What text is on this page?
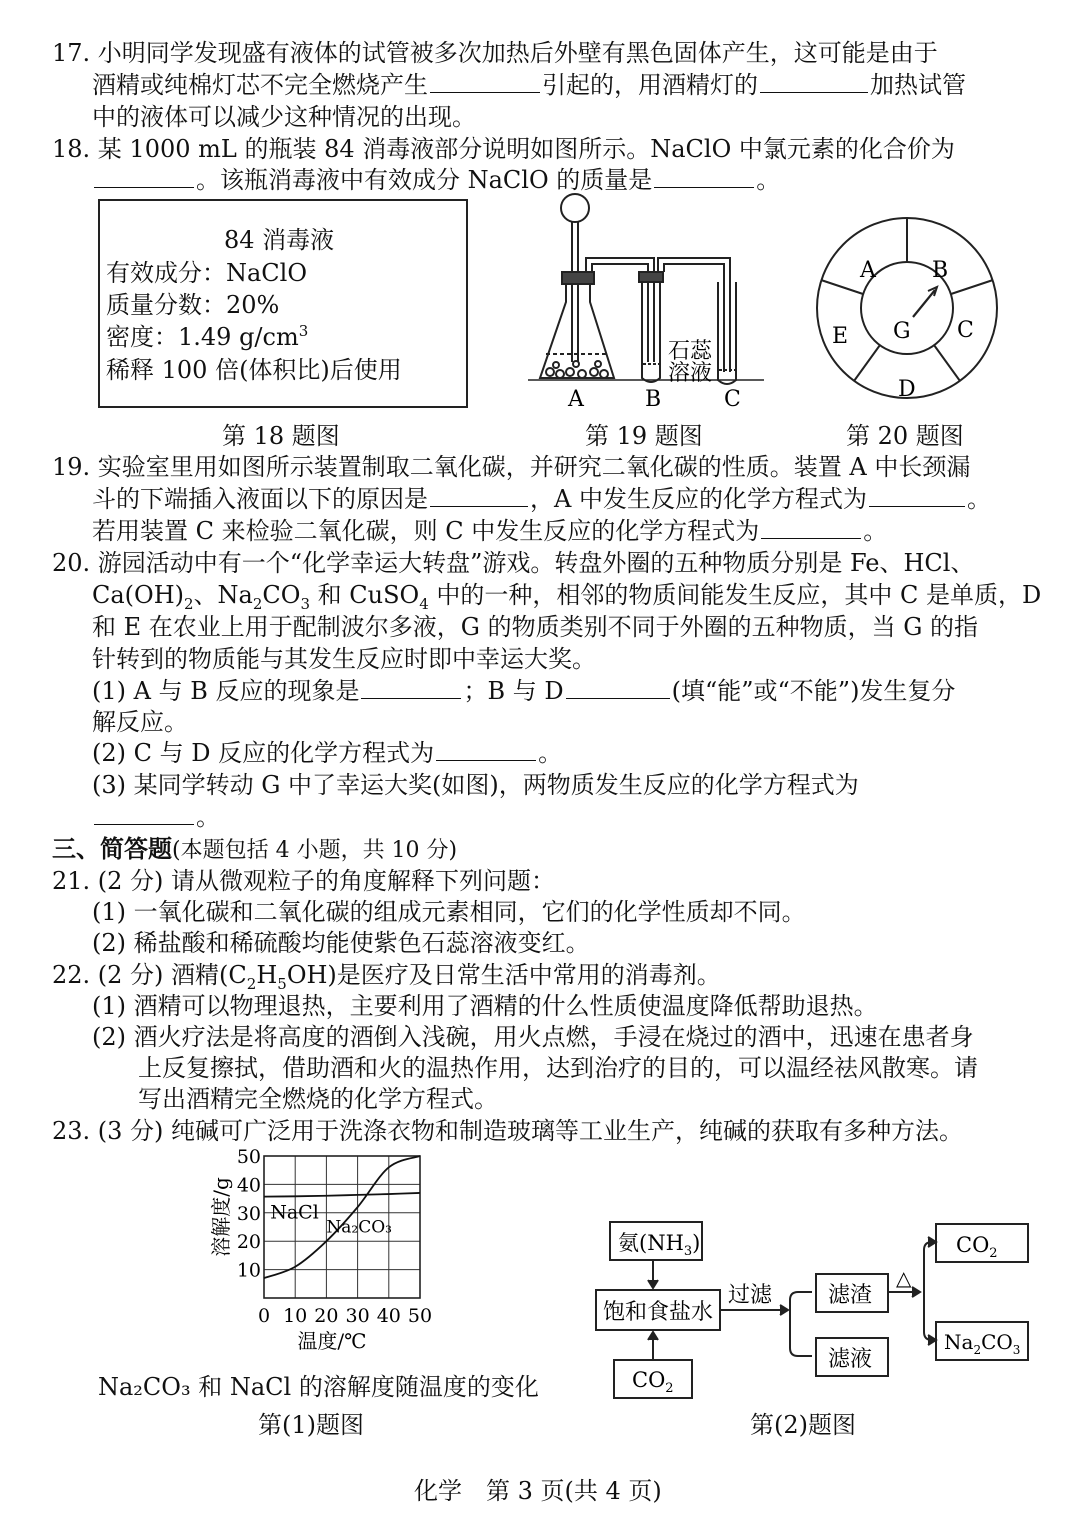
17. 小明同学发现盛有液体的试管被多次加热后外壁有黑色固体产生，这可能是由于
酒精或纯棉灯芯不完全燃烧产生	引起的，用酒精灯的	加热试管
中的液体可以减少这种情况的出现。
18. 某 1000 mL 的瓶装 84 消毒液部分说明如图所示。NaClO 中氯元素的化合价为
。该瓶消毒液中有效成分 NaClO 的质量是	。
84 消毒液
有效成分：NaClO
质量分数：20%
密度：1.49 $g/cm^3$
稀释 100 倍(体积比)后使用
第 18 题图
石蕊
溶液
A	B	C
第 19 题图
A	B
C
D
E G
第 20 题图
19. 实验室里用如图所示装置制取二氧化碳，并研究二氧化碳的性质。装置 A 中长颈漏
斗的下端插入液面以下的原因是	，A 中发生反应的化学方程式为	。
若用装置 C 来检验二氧化碳，则 C 中发生反应的化学方程式为	。
20. 游园活动中有一个“化学幸运大转盘”游戏。转盘外圈的五种物质分别是 Fe、HCl、
$Ca(OH)_2$、$Na_2CO_3$ 和 CuSO$_4$ 中的一种，相邻的物质间能发生反应，其中 C 是单质，D
和 E 在农业上用于配制波尔多液，G 的物质类别不同于外圈的五种物质，当 G 的指
针转到的物质能与其发生反应时即中幸运大奖。
(1) A 与 B 反应的现象是	；B 与 D	(填“能”或“不能”)发生复分
解反应。
(2) C 与 D 反应的化学方程式为	。
(3) 某同学转动 G 中了幸运大奖(如图)，两物质发生反应的化学方程式为
。
三、简答题(本题包括 4 小题，共 10 分)
21. (2 分) 请从微观粒子的角度解释下列问题：
(1) 一氧化碳和二氧化碳的组成元素相同，它们的化学性质却不同。
(2) 稀盐酸和稀硫酸均能使紫色石蕊溶液变红。
22. (2 分) 酒精$(C_2H_5OH)$是医疗及日常生活中常用的消毒剂。
(1) 酒精可以物理退热，主要利用了酒精的什么性质使温度降低帮助退热。
(2) 酒火疗法是将高度的酒倒入浅碗，用火点燃，手浸在烧过的酒中，迅速在患者身
上反复擦拭，借助酒和火的温热作用，达到治疗的目的，可以温经祛风散寒。请
写出酒精完全燃烧的化学方程式。
23. (3 分) 纯碱可广泛用于洗涤衣物和制造玻璃等工业生产，纯碱的获取有多种方法。
0 10 20 30 40 50
10
20
30
40
50
温度/℃
溶解度/g NaCl
Na₂CO₃
Na₂CO₃ 和 NaCl 的溶解度随温度的变化
第(1)题图
氨$(NH_3)$
饱和食盐水
$CO_2$
过滤	滤渣
滤液
△
$CO_2$
$Na_2CO_3$
第(2)题图
化学　第 3 页(共 4 页)
